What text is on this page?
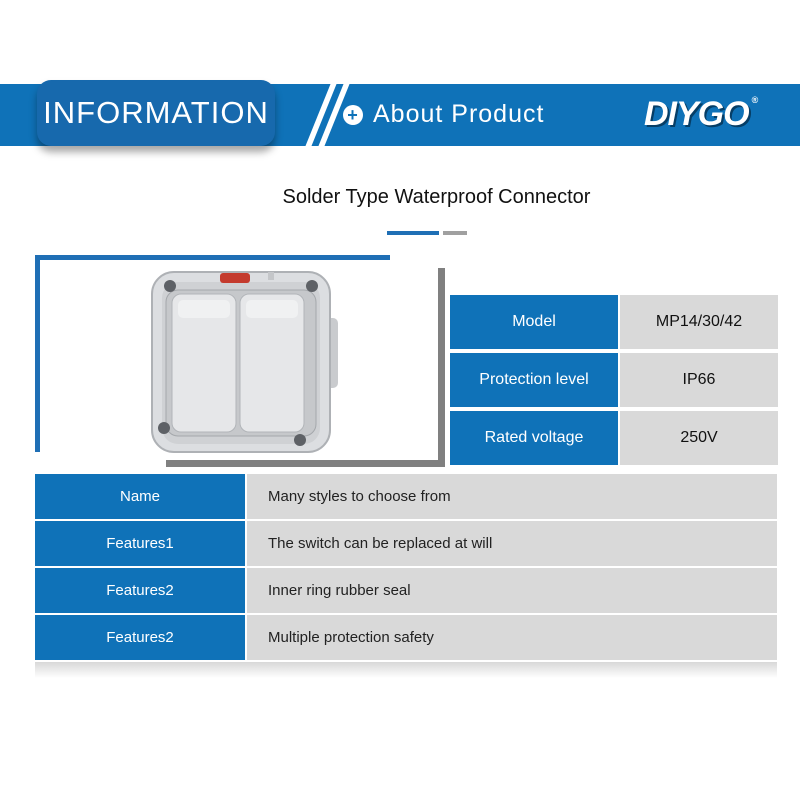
INFORMATION	+ About Product	DIYGO ®
Solder Type Waterproof Connector
Model	MP14/30/42
Protection level	IP66
Rated voltage	250V
Name	Many styles to choose from
Features1	The switch can be replaced at will
Features2	Inner ring rubber seal
Features2	Multiple protection safety
